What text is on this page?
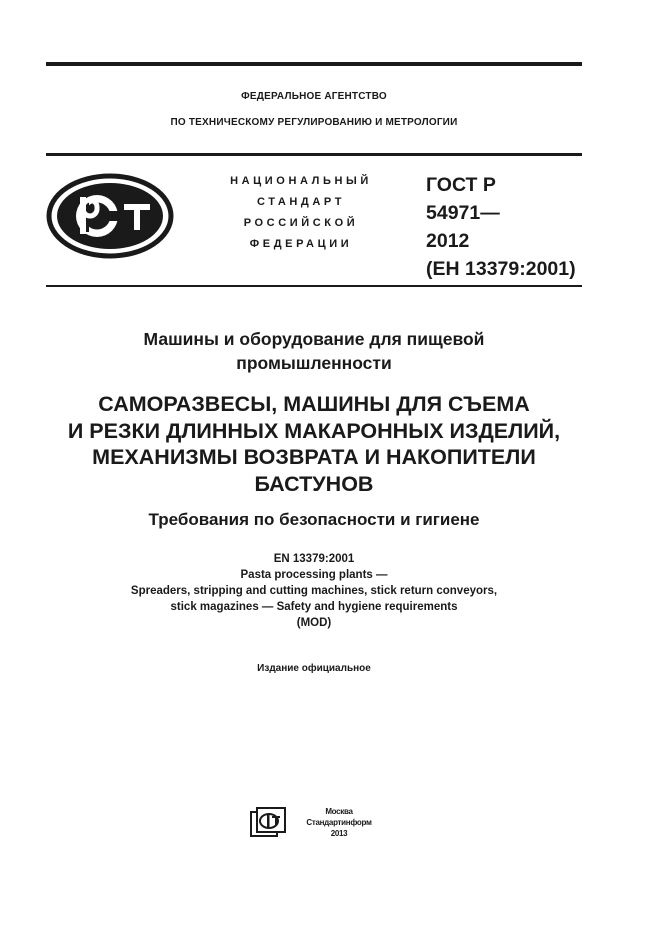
ФЕДЕРАЛЬНОЕ АГЕНТСТВО
ПО ТЕХНИЧЕСКОМУ РЕГУЛИРОВАНИЮ И МЕТРОЛОГИИ
НАЦИОНАЛЬНЫЙ
СТАНДАРТ
РОССИЙСКОЙ
ФЕДЕРАЦИИ
ГОСТ Р
54971—
2012
(ЕН 13379:2001)
Машины и оборудование для пищевой
промышленности
САМОРАЗВЕСЫ, МАШИНЫ ДЛЯ СЪЕМА
И РЕЗКИ ДЛИННЫХ МАКАРОННЫХ ИЗДЕЛИЙ,
МЕХАНИЗМЫ ВОЗВРАТА И НАКОПИТЕЛИ
БАСТУНОВ
Требования по безопасности и гигиене
EN 13379:2001
Pasta processing plants —
Spreaders, stripping and cutting machines, stick return conveyors,
stick magazines — Safety and hygiene requirements
(MOD)
Издание официальное
Москва
Стандартинформ
2013
